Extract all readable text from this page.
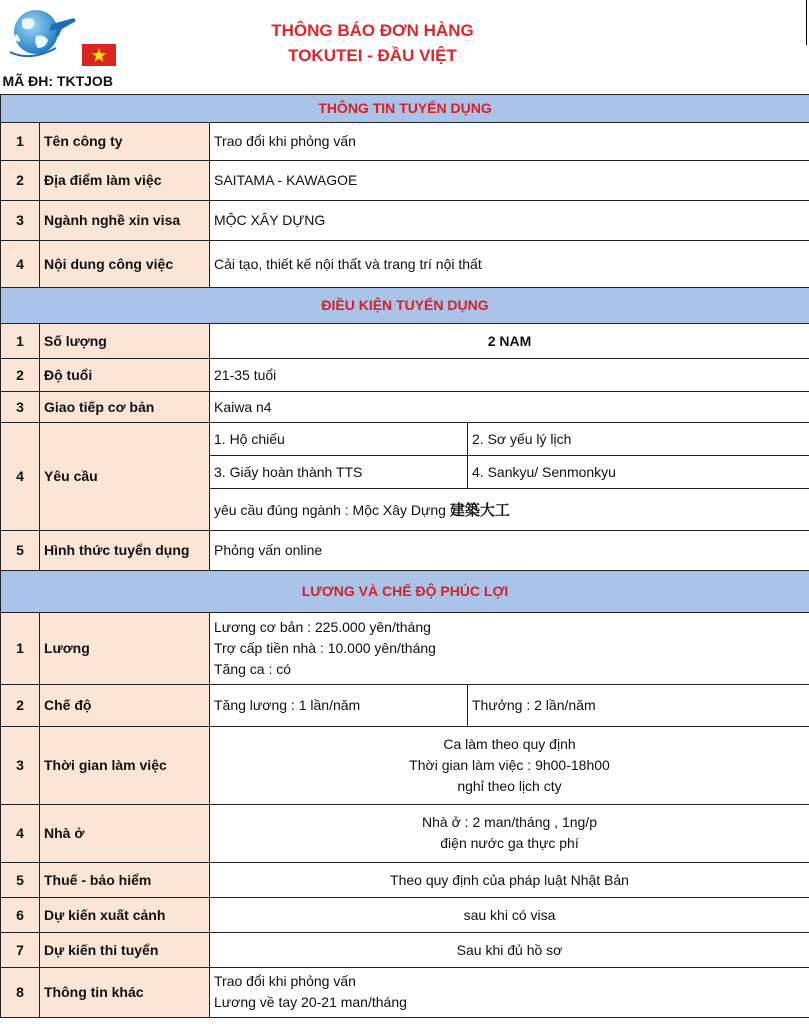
THÔNG BÁO ĐƠN HÀNG
TOKUTEI - ĐẦU VIỆT
MÃ ĐH: TKTJOB			
THÔNG TIN TUYỂN DỤNG			
1	Tên công ty	Trao đổi khi phỏng vấn	
2	Địa điểm làm việc	SAITAMA - KAWAGOE	
3	Ngành nghề xin visa	MỘC XÂY DỰNG	
4	Nội dung công việc	Cải tạo, thiết kế nội thất và trang trí nội thất	
ĐIỀU KIỆN TUYỂN DỤNG			
1	Số lượng	2 NAM	
2	Độ tuổi	21-35 tuổi	
3	Giao tiếp cơ bản	Kaiwa n4	
4	Yêu cầu	1. Hộ chiếu	2. Sơ yếu lý lịch
		3. Giấy hoàn thành TTS	4. Sankyu/ Senmonkyu
		yêu cầu đúng ngành : Mộc Xây Dựng 建築大工	
5	Hình thức tuyển dụng	Phỏng vấn online	
LƯƠNG VÀ CHẾ ĐỘ PHÚC LỢI			
1	Lương	Lương cơ bản : 225.000 yên/tháng
Trợ cấp tiền nhà : 10.000 yên/tháng
Tăng ca : có	

2	Chế độ	Tăng lương : 1 lần/năm	Thưởng : 2 lần/năm
3	Thời gian làm việc	Ca làm theo quy định
Thời gian làm việc : 9h00-18h00
nghỉ theo lịch cty	

4	Nhà ở	Nhà ở : 2 man/tháng , 1ng/p
điện nước ga thực phí	

5	Thuế - bảo hiểm	Theo quy định của pháp luật Nhật Bản	
6	Dự kiến xuất cảnh	sau khi có visa	
7	Dự kiến thi tuyển	Sau khi đủ hồ sơ	
8	Thông tin khác	Trao đổi khi phỏng vấn
Lương về tay 20-21 man/tháng	
